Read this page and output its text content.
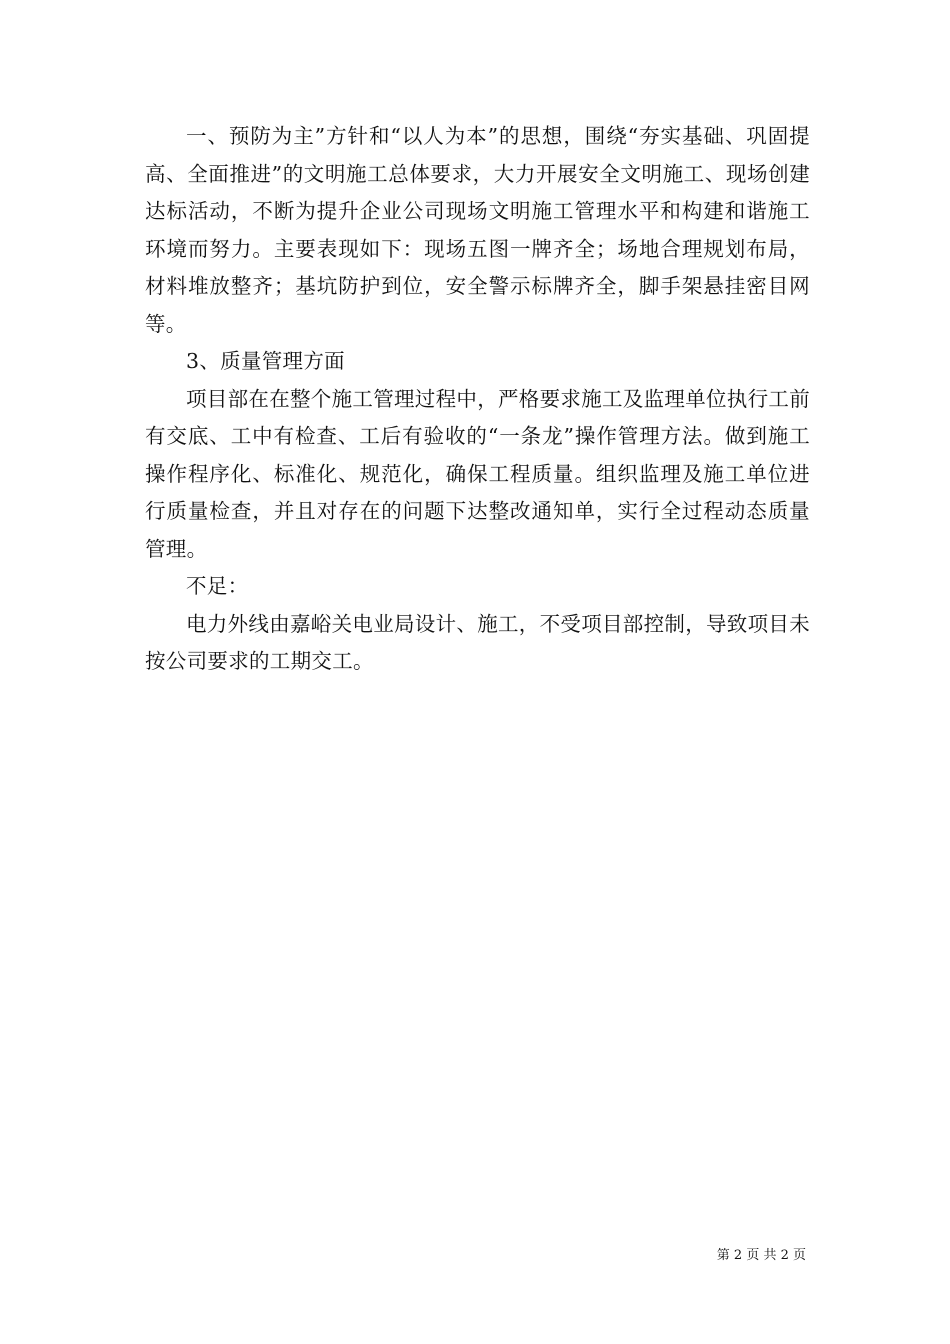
一、预防为主”方针和“以人为本”的思想，围绕“夯实基础、巩固提高、全面推进”的文明施工总体要求，大力开展安全文明施工、现场创建达标活动，不断为提升企业公司现场文明施工管理水平和构建和谐施工环境而努力。主要表现如下：现场五图一牌齐全；场地合理规划布局，材料堆放整齐；基坑防护到位，安全警示标牌齐全，脚手架悬挂密目网等。

3、质量管理方面

项目部在在整个施工管理过程中，严格要求施工及监理单位执行工前有交底、工中有检查、工后有验收的“一条龙”操作管理方法。做到施工操作程序化、标准化、规范化，确保工程质量。组织监理及施工单位进行质量检查，并且对存在的问题下达整改通知单，实行全过程动态质量管理。

不足：

电力外线由嘉峪关电业局设计、施工，不受项目部控制，导致项目未按公司要求的工期交工。

第 2 页 共 2 页
